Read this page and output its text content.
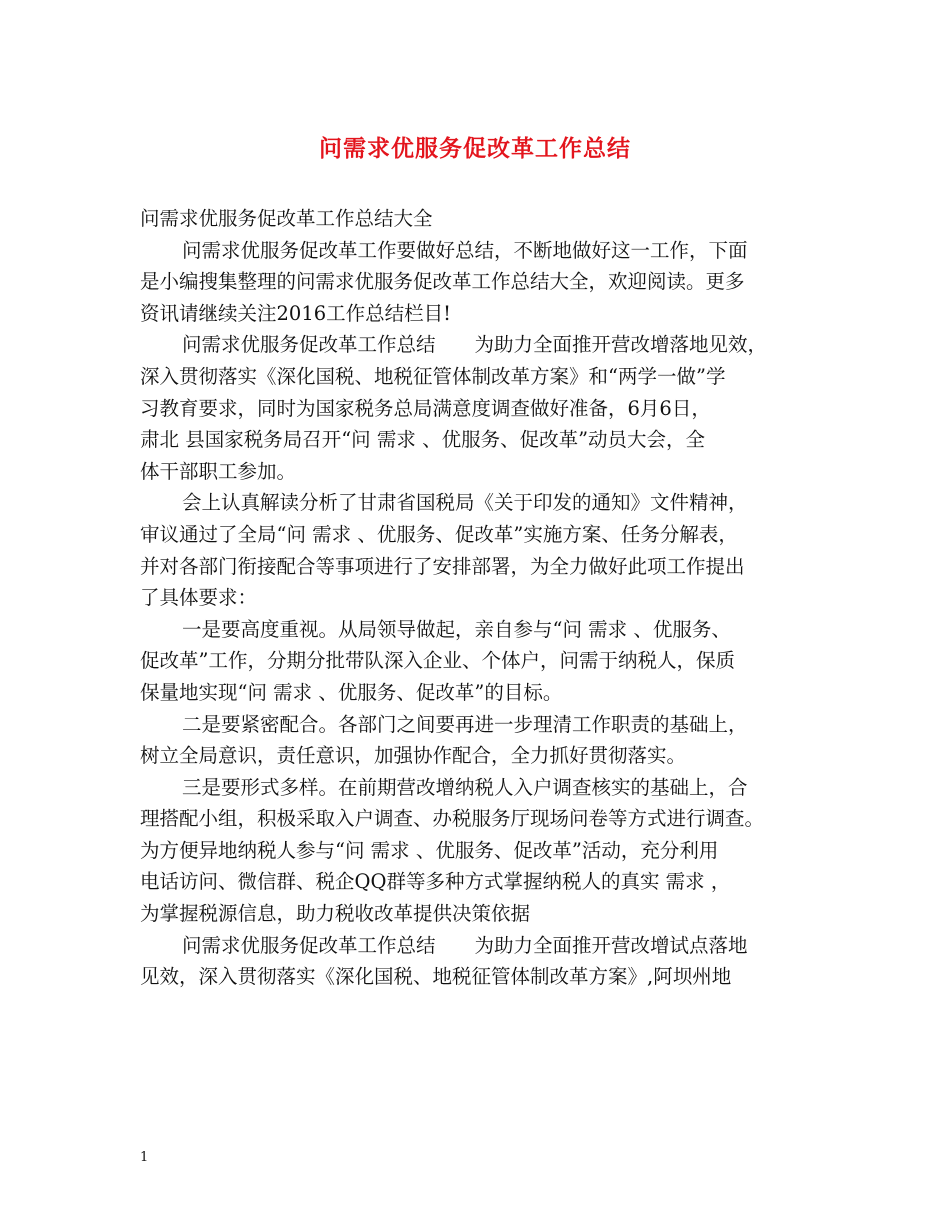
问需求优服务促改革工作总结
问需求优服务促改革工作总结大全
问需求优服务促改革工作要做好总结，不断地做好这一工作，下面
是小编搜集整理的问需求优服务促改革工作总结大全，欢迎阅读。更多
资讯请继续关注2016工作总结栏目!
问需求优服务促改革工作总结　　为助力全面推开营改增落地见效，
深入贯彻落实《深化国税、地税征管体制改革方案》和“两学一做”学
习教育要求，同时为国家税务总局满意度调查做好准备，6月6日，
肃北 县国家税务局召开“问 需求 、优服务、促改革”动员大会，全
体干部职工参加。
会上认真解读分析了甘肃省国税局《关于印发的通知》文件精神，
审议通过了全局“问 需求 、优服务、促改革”实施方案、任务分解表，
并对各部门衔接配合等事项进行了安排部署，为全力做好此项工作提出
了具体要求：
一是要高度重视。从局领导做起，亲自参与“问 需求 、优服务、
促改革”工作，分期分批带队深入企业、个体户，问需于纳税人，保质
保量地实现“问 需求 、优服务、促改革”的目标。
二是要紧密配合。各部门之间要再进一步理清工作职责的基础上，
树立全局意识，责任意识，加强协作配合，全力抓好贯彻落实。
三是要形式多样。在前期营改增纳税人入户调查核实的基础上，合
理搭配小组，积极采取入户调查、办税服务厅现场问卷等方式进行调查。
为方便异地纳税人参与“问 需求 、优服务、促改革”活动，充分利用
电话访问、微信群、税企QQ群等多种方式掌握纳税人的真实 需求 ，
为掌握税源信息，助力税收改革提供决策依据
问需求优服务促改革工作总结　　为助力全面推开营改增试点落地
见效，深入贯彻落实《深化国税、地税征管体制改革方案》,阿坝州地
1
